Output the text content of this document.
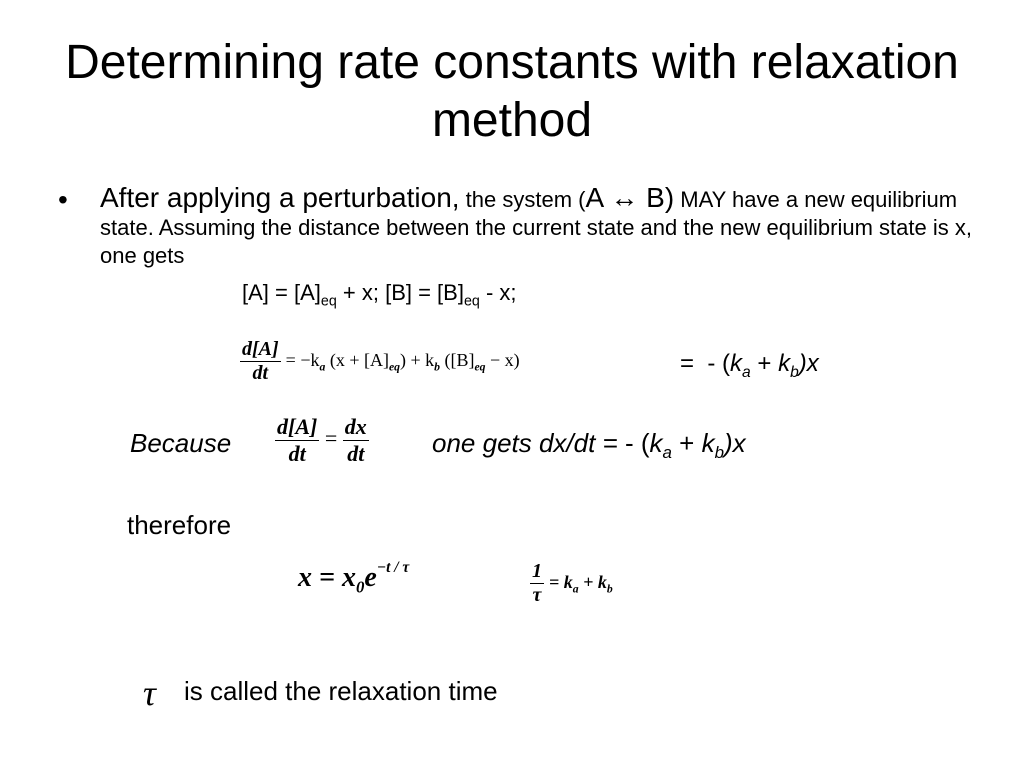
Determining rate constants with relaxation method
• After applying a perturbation, the system (A ↔ B) MAY have a new equilibrium state. Assuming the distance between the current state and the new equilibrium state is x, one gets
$[A] = [A]_{eq} + x$; $[B] = [B]_{eq} - x$;
$\frac{d[A]}{dt} = -k_a$ $(x + [A]_{eq}) + k_b$ $([B]_{eq} - x)$	= - $(k_a + k_b)x$
Because $\frac{d[A]}{dt} = \frac{dx}{dt}$ one gets dx/dt = - $(k_a + k_b)x$
therefore
$x = x_0e^{-t / \tau}$	$\frac{1}{\tau} = k_a + k_b$
τ is called the relaxation time
